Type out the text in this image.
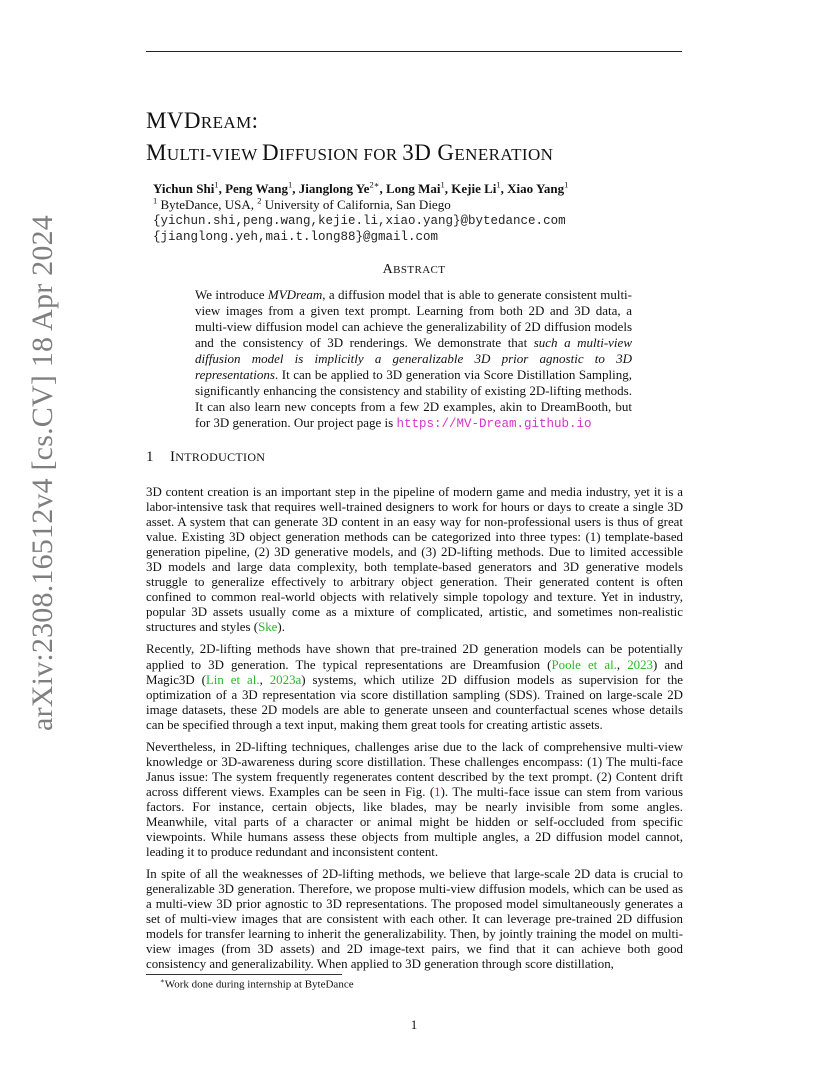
arXiv:2308.16512v4 [cs.CV] 18 Apr 2024
MVDREAM:
MULTI-VIEW DIFFUSION FOR 3D GENERATION
Yichun Shi$^1$, Peng Wang$^1$, Jianglong $Ye^{2∗}$, Long Mai$^1$, Kejie Li$^1$, Xiao Yang$^1$
$^1$ ByteDance, USA, $^2$ University of California, San Diego
{yichun.shi,peng.wang,kejie.li,xiao.yang}@bytedance.com
{jianglong.yeh,mai.t.long88}@gmail.com
ABSTRACT

We introduce MVDream, a diffusion model that is able to generate consistent multi-view images from a given text prompt. Learning from both 2D and 3D data, a multi-view diffusion model can achieve the generalizability of 2D diffusion models and the consistency of 3D renderings. We demonstrate that such a multi-view diffusion model is implicitly a generalizable 3D prior agnostic to 3D representations. It can be applied to 3D generation via Score Distillation Sampling, significantly enhancing the consistency and stability of existing 2D-lifting methods. It can also learn new concepts from a few 2D examples, akin to DreamBooth, but for 3D generation. Our project page is https://MV-Dream.github.io

1 INTRODUCTION

3D content creation is an important step in the pipeline of modern game and media industry, yet it is a labor-intensive task that requires well-trained designers to work for hours or days to create a single 3D asset. A system that can generate 3D content in an easy way for non-professional users is thus of great value. Existing 3D object generation methods can be categorized into three types: (1) template-based generation pipeline, (2) 3D generative models, and (3) 2D-lifting methods. Due to limited accessible 3D models and large data complexity, both template-based generators and 3D generative models struggle to generalize effectively to arbitrary object generation. Their generated content is often confined to common real-world objects with relatively simple topology and texture. Yet in industry, popular 3D assets usually come as a mixture of complicated, artistic, and sometimes non-realistic structures and styles (Ske).

Recently, 2D-lifting methods have shown that pre-trained 2D generation models can be potentially applied to 3D generation. The typical representations are Dreamfusion (Poole et al., 2023) and Magic3D (Lin et al., 2023a) systems, which utilize 2D diffusion models as supervision for the optimization of a 3D representation via score distillation sampling (SDS). Trained on large-scale 2D image datasets, these 2D models are able to generate unseen and counterfactual scenes whose details can be specified through a text input, making them great tools for creating artistic assets.

Nevertheless, in 2D-lifting techniques, challenges arise due to the lack of comprehensive multi-view knowledge or 3D-awareness during score distillation. These challenges encompass: (1) The multi-face Janus issue: The system frequently regenerates content described by the text prompt. (2) Content drift across different views. Examples can be seen in Fig. (1). The multi-face issue can stem from various factors. For instance, certain objects, like blades, may be nearly invisible from some angles. Meanwhile, vital parts of a character or animal might be hidden or self-occluded from specific viewpoints. While humans assess these objects from multiple angles, a 2D diffusion model cannot, leading it to produce redundant and inconsistent content.

In spite of all the weaknesses of 2D-lifting methods, we believe that large-scale 2D data is crucial to generalizable 3D generation. Therefore, we propose multi-view diffusion models, which can be used as a multi-view 3D prior agnostic to 3D representations. The proposed model simultaneously generates a set of multi-view images that are consistent with each other. It can leverage pre-trained 2D diffusion models for transfer learning to inherit the generalizability. Then, by jointly training the model on multi-view images (from 3D assets) and 2D image-text pairs, we find that it can achieve both good consistency and generalizability. When applied to 3D generation through score distillation,

∗Work done during internship at ByteDance
1
